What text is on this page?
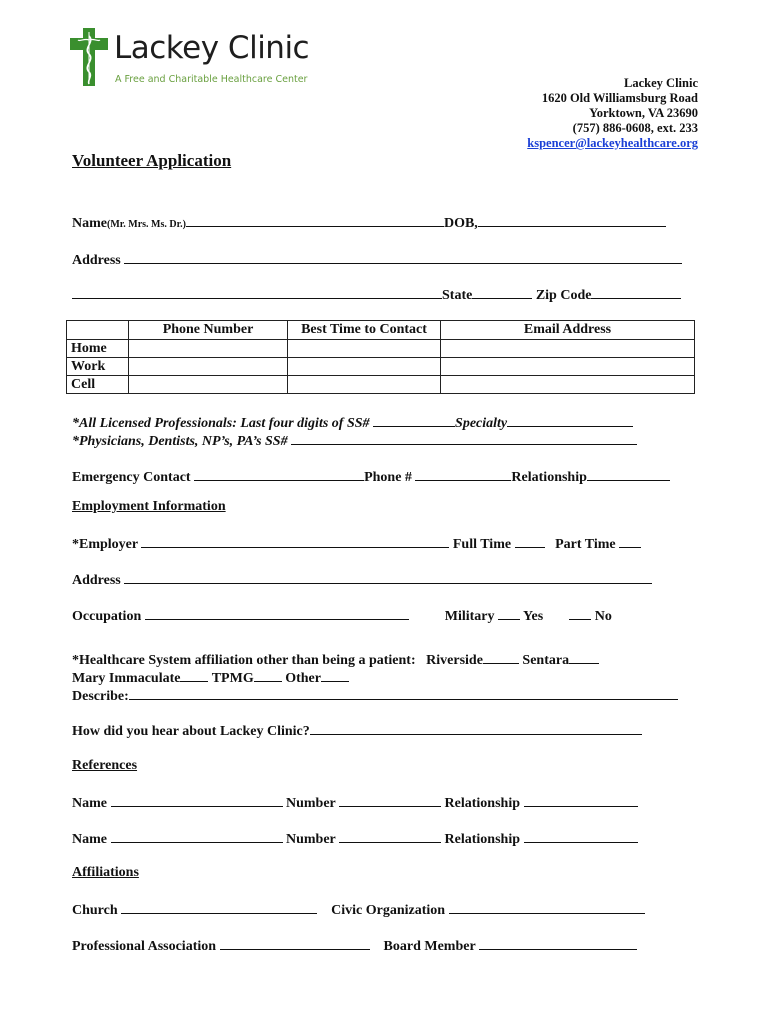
Lackey Clinic
A Free and Charitable Healthcare Center	Lackey Clinic
1620 Old Williamsburg Road
Yorktown, VA 23690
(757) 886-0608, ext. 233
kspencer@lackeyhealthcare.org
Volunteer Application
Name(Mr. Mrs. Ms. Dr.)	DOB,
Address
State	Zip Code
	Phone Number	Best Time to Contact	Email Address
Home			
Work			
Cell			
*All Licensed Professionals: Last four digits of SS#	Specialty
*Physicians, Dentists, NP’s, PA’s SS#
Emergency Contact	Phone #	Relationship
Employment Information
*Employer	Full Time	Part Time
Address
Occupation	Military Yes	No
*Healthcare System affiliation other than being a patient: Riverside	Sentara
Mary Immaculate TPMG Other
Describe:
How did you hear about Lackey Clinic?
References
Name	Number	Relationship
Name	Number	Relationship
Affiliations
Church	Civic Organization
Professional Association	Board Member
